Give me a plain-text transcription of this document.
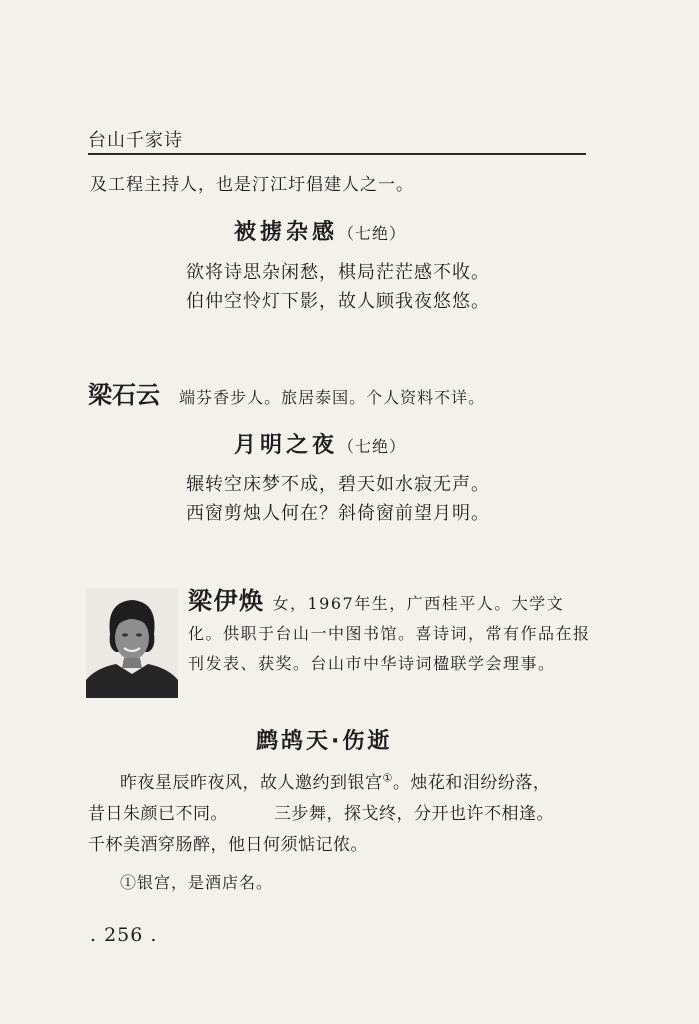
台山千家诗
及工程主持人，也是汀江圩倡建人之一。
被掳杂感（七绝）
欲将诗思杂闲愁，棋局茫茫感不收。
伯仲空怜灯下影，故人顾我夜悠悠。
梁石云 端芬香步人。旅居泰国。个人资料不详。
月明之夜（七绝）
辗转空床梦不成，碧天如水寂无声。
西窗剪烛人何在？斜倚窗前望月明。
梁伊焕 女，1967年生，广西桂平人。大学文化。供职于台山一中图书馆。喜诗词，常有作品在报刊发表、获奖。台山市中华诗词楹联学会理事。
鹧鸪天·伤逝
昨夜星辰昨夜风，故人邀约到银宫①。烛花和泪纷纷落，
昔日朱颜已不同。	三步舞，探戈终，分开也许不相逢。
千杯美酒穿肠醉，他日何须惦记侬。
①银宫，是酒店名。
. 256 .
